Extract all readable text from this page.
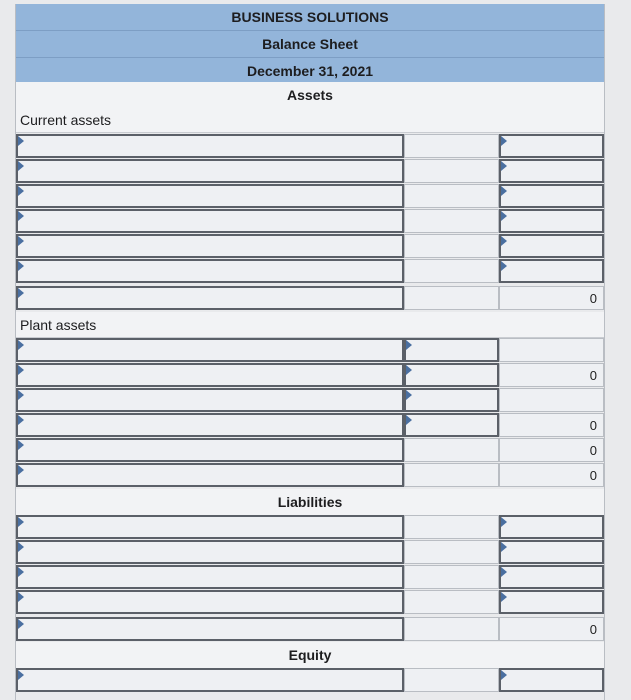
BUSINESS SOLUTIONS
Balance Sheet
December 31, 2021
Assets
Current assets
0
Plant assets
0
0
0
0
Liabilities
0
Equity
